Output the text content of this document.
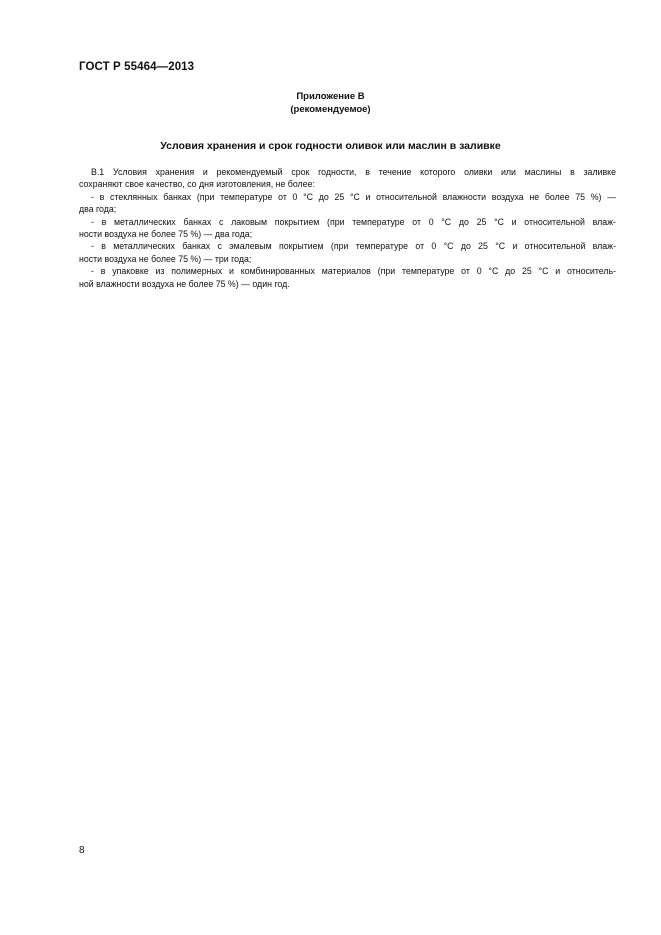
ГОСТ Р 55464—2013
Приложение В
(рекомендуемое)
Условия хранения и срок годности оливок или маслин в заливке
В.1 Условия хранения и рекомендуемый срок годности, в течение которого оливки или маслины в заливке
сохраняют свое качество, со дня изготовления, не более:
- в стеклянных банках (при температуре от 0 °С до 25 °С и относительной влажности воздуха не более 75 %) —
два года;
- в металлических банках с лаковым покрытием (при температуре от 0 °С до 25 °С и относительной влаж-
ности воздуха не более 75 %) — два года;
- в металлических банках с эмалевым покрытием (при температуре от 0 °С до 25 °С и относительной влаж-
ности воздуха не более 75 %) — три года;
- в упаковке из полимерных и комбинированных материалов (при температуре от 0 °С до 25 °С и относитель-
ной влажности воздуха не более 75 %) — один год.
8
